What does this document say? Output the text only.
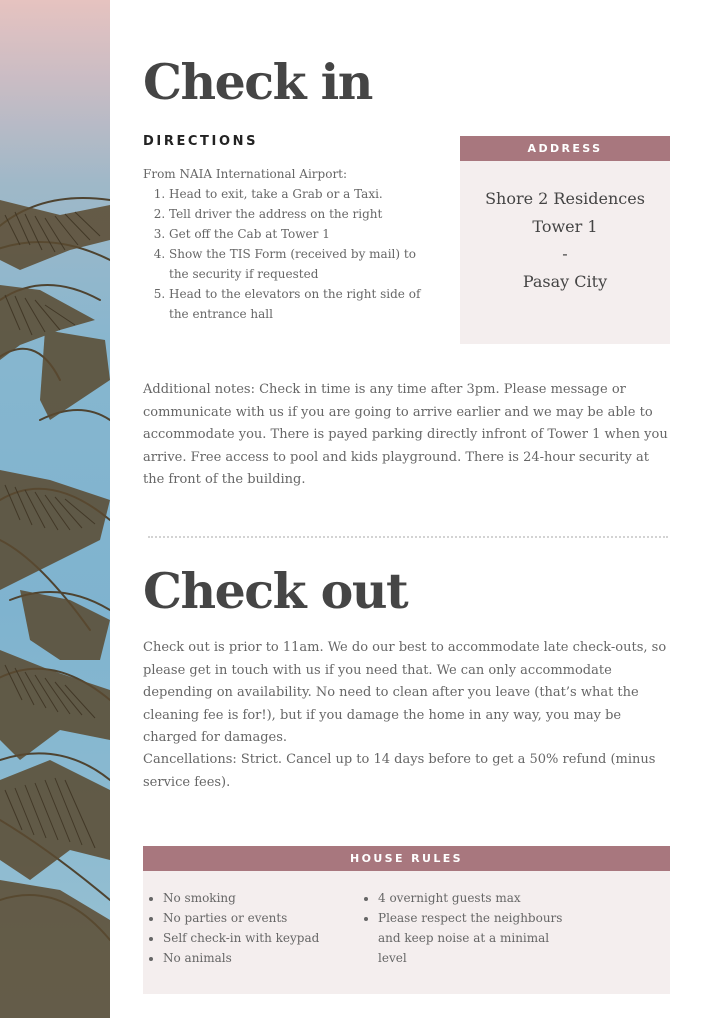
Check in
DIRECTIONS
From NAIA International Airport:
1. Head to exit, take a Grab or a Taxi.
2. Tell driver the address on the right
3. Get off the Cab at Tower 1
4. Show the TIS Form (received by mail) to the security if requested
5. Head to the elevators on the right side of the entrance hall
ADDRESS
Shore 2 Residences
Tower 1
-
Pasay City

Additional notes: Check in time is any time after 3pm. Please message or communicate with us if you are going to arrive earlier and we may be able to accommodate you. There is payed parking directly infront of Tower 1 when you arrive. Free access to pool and kids playground. There is 24-hour security at the front of the building.

Check out

Check out is prior to 11am. We do our best to accommodate late check-outs, so please get in touch with us if you need that. We can only accommodate depending on availability. No need to clean after you leave (that’s what the cleaning fee is for!), but if you damage the home in any way, you may be charged for damages.

Cancellations: Strict. Cancel up to 14 days before to get a 50% refund (minus service fees).

HOUSE RULES
• No smoking
• No parties or events
• Self check-in with keypad
• No animals
• 4 overnight guests max
• Please respect the neighbours and keep noise at a minimal level
